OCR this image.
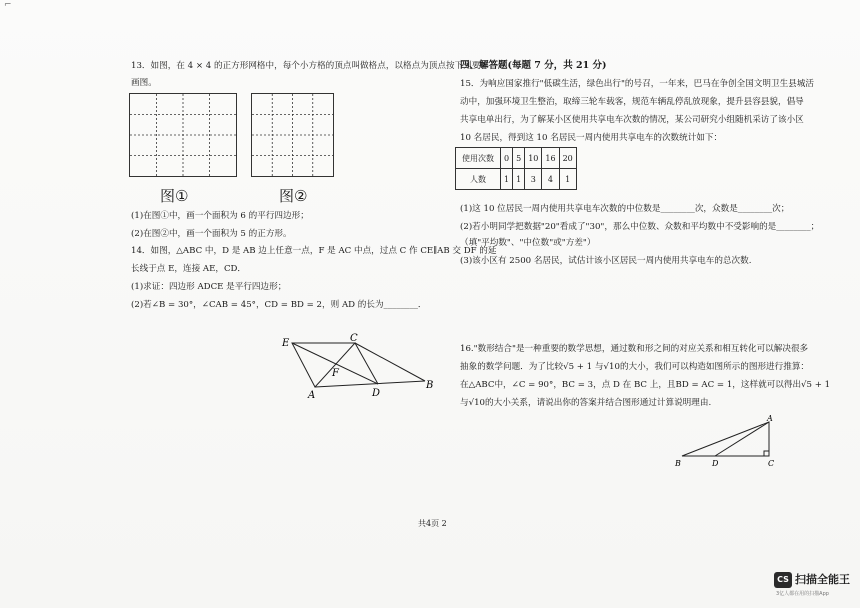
⌐
13．如图，在 4 × 4 的正方形网格中，每个小方格的顶点叫做格点，以格点为顶点按下列要求
画图。
图①	图②
(1)在图①中，画一个面积为 6 的平行四边形；
(2)在图②中，画一个面积为 5 的正方形。
14．如图，△ABC 中，D 是 AB 边上任意一点，F 是 AC 中点，过点 C 作 CE∥AB 交 DF 的延
长线于点 E，连接 AE，CD．
(1)求证：四边形 ADCE 是平行四边形；
(2)若∠B = 30°，∠CAB = 45°，CD = BD = 2，则 AD 的长为________．
E	C
F
A	D
B
四、解答题(每题 7 分，共 21 分)
15．为响应国家推行"低碳生活，绿色出行"的号召，一年来，巴马在争创全国文明卫生县城活
动中，加强环境卫生整治，取缔三轮车载客，规范车辆乱停乱放现象，提升县容县貌，倡导
共享电单出行，为了解某小区使用共享电车次数的情况，某公司研究小组随机采访了该小区
10 名居民，得到这 10 名居民一周内使用共享电车的次数统计如下：
使用次数	0	5	10	16	20
人数	1	1	3	4	1
(1)这 10 位居民一周内使用共享电车次数的中位数是________次，众数是________次；
(2)若小明同学把数据"20"看成了"30"，那么中位数、众数和平均数中不受影响的是________；
（填"平均数"、"中位数"或"方差"）
(3)该小区有 2500 名居民，试估计该小区居民一周内使用共享电车的总次数.
16."数形结合"是一种重要的数学思想，通过数和形之间的对应关系和相互转化可以解决很多
抽象的数学问题．为了比较√5 + 1 与√10的大小，我们可以构造如图所示的图形进行推算：
在△ABC中，∠C = 90°，BC = 3，点 D 在 BC 上，且BD = AC = 1，这样就可以得出√5 + 1
与√10的大小关系，请说出你的答案并结合图形通过计算说明理由.
A
B	D	C
共4页 2
CS 扫描全能王
3亿人都在用的扫描App
